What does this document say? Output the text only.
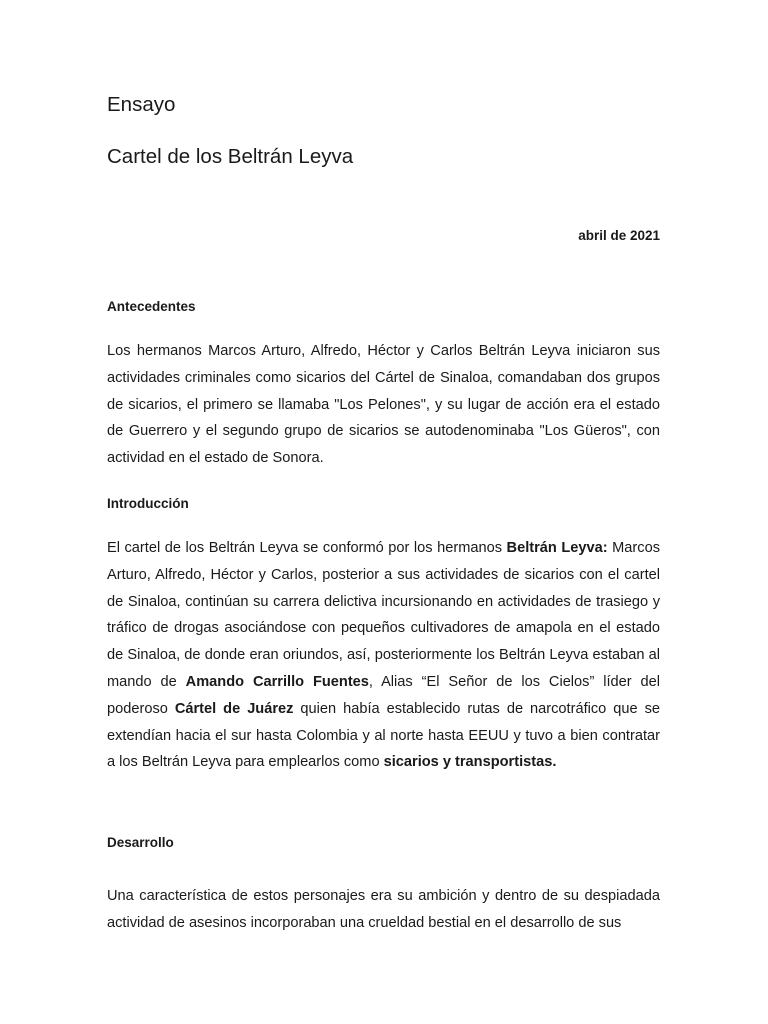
Ensayo
Cartel de los Beltrán Leyva
abril de 2021
Antecedentes

Los hermanos Marcos Arturo, Alfredo, Héctor y Carlos Beltrán Leyva iniciaron sus actividades criminales como sicarios del Cártel de Sinaloa, comandaban dos grupos de sicarios, el primero se llamaba "Los Pelones", y su lugar de acción era el estado de Guerrero y el segundo grupo de sicarios se autodenominaba "Los Güeros", con actividad en el estado de Sonora.

Introducción

El cartel de los Beltrán Leyva se conformó por los hermanos Beltrán Leyva: Marcos Arturo, Alfredo, Héctor y Carlos, posterior a sus actividades de sicarios con el cartel de Sinaloa, continúan su carrera delictiva incursionando en actividades de trasiego y tráfico de drogas asociándose con pequeños cultivadores de amapola en el estado de Sinaloa, de donde eran oriundos, así, posteriormente los Beltrán Leyva estaban al mando de Amando Carrillo Fuentes, Alias “El Señor de los Cielos” líder del poderoso Cártel de Juárez quien había establecido rutas de narcotráfico que se extendían hacia el sur hasta Colombia y al norte hasta EEUU y tuvo a bien contratar a los Beltrán Leyva para emplearlos como sicarios y transportistas.

Desarrollo

Una característica de estos personajes era su ambición y dentro de su despiadada actividad de asesinos incorporaban una crueldad bestial en el desarrollo de sus
